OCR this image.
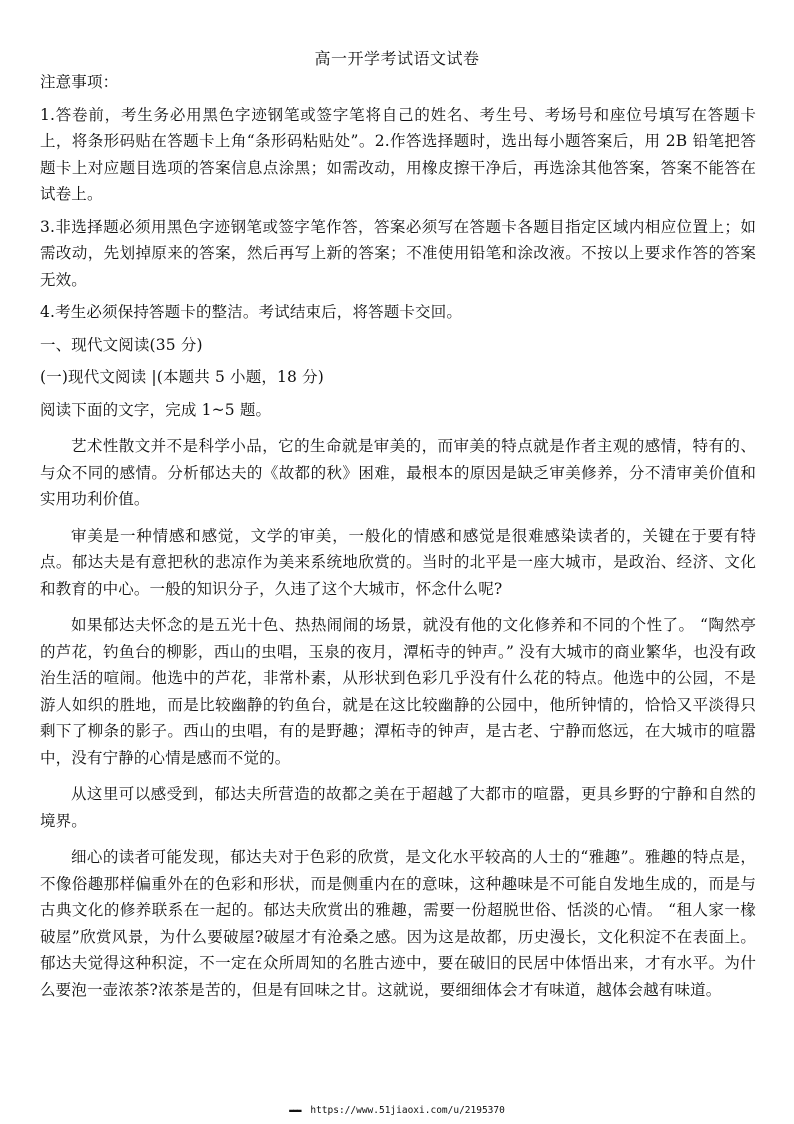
高一开学考试语文试卷

注意事项：

1.答卷前，考生务必用黑色字迹钢笔或签字笔将自己的姓名、考生号、考场号和座位号填写在答题卡上，将条形码贴在答题卡上角“条形码粘贴处”。2.作答选择题时，选出每小题答案后，用 2B 铅笔把答题卡上对应题目选项的答案信息点涂黑；如需改动，用橡皮擦干净后，再选涂其他答案，答案不能答在试卷上。

3.非选择题必须用黑色字迹钢笔或签字笔作答，答案必须写在答题卡各题目指定区域内相应位置上；如需改动，先划掉原来的答案，然后再写上新的答案；不准使用铅笔和涂改液。不按以上要求作答的答案无效。

4.考生必须保持答题卡的整洁。考试结束后，将答题卡交回。

一、现代文阅读(35 分)

(一)现代文阅读 |(本题共 5 小题，18 分)

阅读下面的文字，完成 1~5 题。

艺术性散文并不是科学小品，它的生命就是审美的，而审美的特点就是作者主观的感情，特有的、与众不同的感情。分析郁达夫的《故都的秋》困难，最根本的原因是缺乏审美修养，分不清审美价值和实用功利价值。

审美是一种情感和感觉，文学的审美，一般化的情感和感觉是很难感染读者的，关键在于要有特点。郁达夫是有意把秋的悲凉作为美来系统地欣赏的。当时的北平是一座大城市，是政治、经济、文化和教育的中心。一般的知识分子，久违了这个大城市，怀念什么呢?

如果郁达夫怀念的是五光十色、热热闹闹的场景，就没有他的文化修养和不同的个性了。 “陶然亭的芦花，钓鱼台的柳影，西山的虫唱，玉泉的夜月，潭柘寺的钟声。” 没有大城市的商业繁华，也没有政治生活的喧闹。他选中的芦花，非常朴素，从形状到色彩几乎没有什么花的特点。他选中的公园，不是游人如织的胜地，而是比较幽静的钓鱼台，就是在这比较幽静的公园中，他所钟情的，恰恰又平淡得只剩下了柳条的影子。西山的虫唱，有的是野趣；潭柘寺的钟声，是古老、宁静而悠远，在大城市的喧嚣中，没有宁静的心情是感而不觉的。

从这里可以感受到，郁达夫所营造的故都之美在于超越了大都市的喧嚣，更具乡野的宁静和自然的境界。

细心的读者可能发现，郁达夫对于色彩的欣赏，是文化水平较高的人士的“雅趣”。雅趣的特点是，不像俗趣那样偏重外在的色彩和形状，而是侧重内在的意味，这种趣味是不可能自发地生成的，而是与古典文化的修养联系在一起的。郁达夫欣赏出的雅趣，需要一份超脱世俗、恬淡的心情。 “租人家一椽破屋”欣赏风景，为什么要破屋?破屋才有沧桑之感。因为这是故都，历史漫长，文化积淀不在表面上。郁达夫觉得这种积淀，不一定在众所周知的名胜古迹中，要在破旧的民居中体悟出来，才有水平。为什么要泡一壶浓茶?浓茶是苦的，但是有回味之甘。这就说，要细细体会才有味道，越体会越有味道。

▬▬▬ https://www.51jiaoxi.com/u/2195370
